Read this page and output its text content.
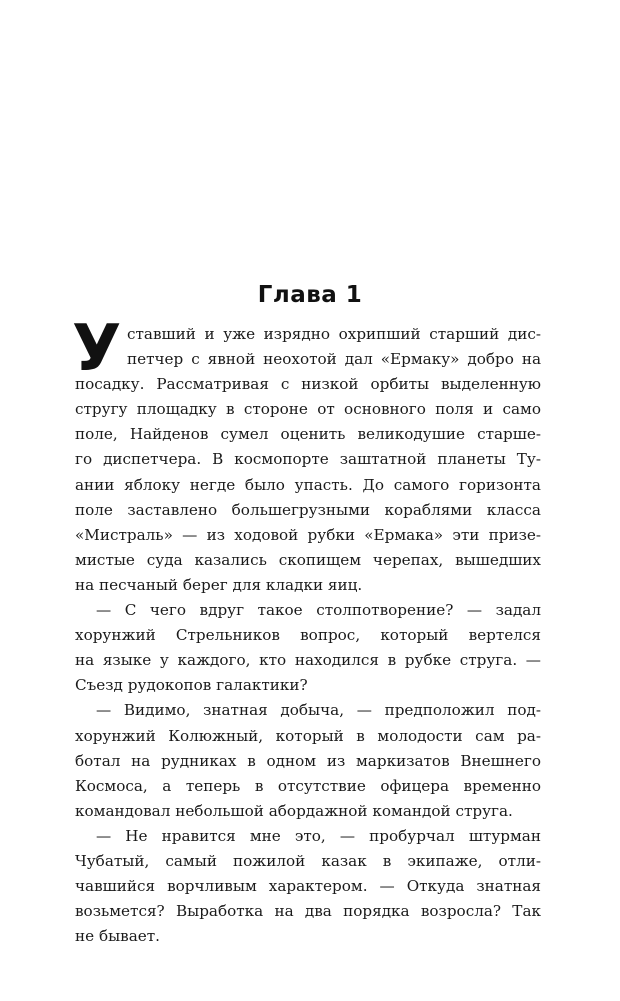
Глава 1
У ставший и уже изрядно охрипший старший дис-
петчер с явной неохотой дал «Ермаку» добро на
посадку. Рассматривая с низкой орбиты выделенную
стругу площадку в стороне от основного поля и само
поле, Найденов сумел оценить великодушие старше-
го диспетчера. В космопорте заштатной планеты Ту-
ании яблоку негде было упасть. До самого горизонта
поле заставлено большегрузными кораблями класса
«Мистраль» — из ходовой рубки «Ермака» эти призе-
мистые суда казались скопищем черепах, вышедших
на песчаный берег для кладки яиц.
— С чего вдруг такое столпотворение? — задал
хорунжий Стрельников вопрос, который вертелся
на языке у каждого, кто находился в рубке струга. —
Съезд рудокопов галактики?
— Видимо, знатная добыча, — предположил под-
хорунжий Колюжный, который в молодости сам ра-
ботал на рудниках в одном из маркизатов Внешнего
Космоса, а теперь в отсутствие офицера временно
командовал небольшой абордажной командой струга.
— Не нравится мне это, — пробурчал штурман
Чубатый, самый пожилой казак в экипаже, отли-
чавшийся ворчливым характером. — Откуда знатная
возьмется? Выработка на два порядка возросла? Так
не бывает.
